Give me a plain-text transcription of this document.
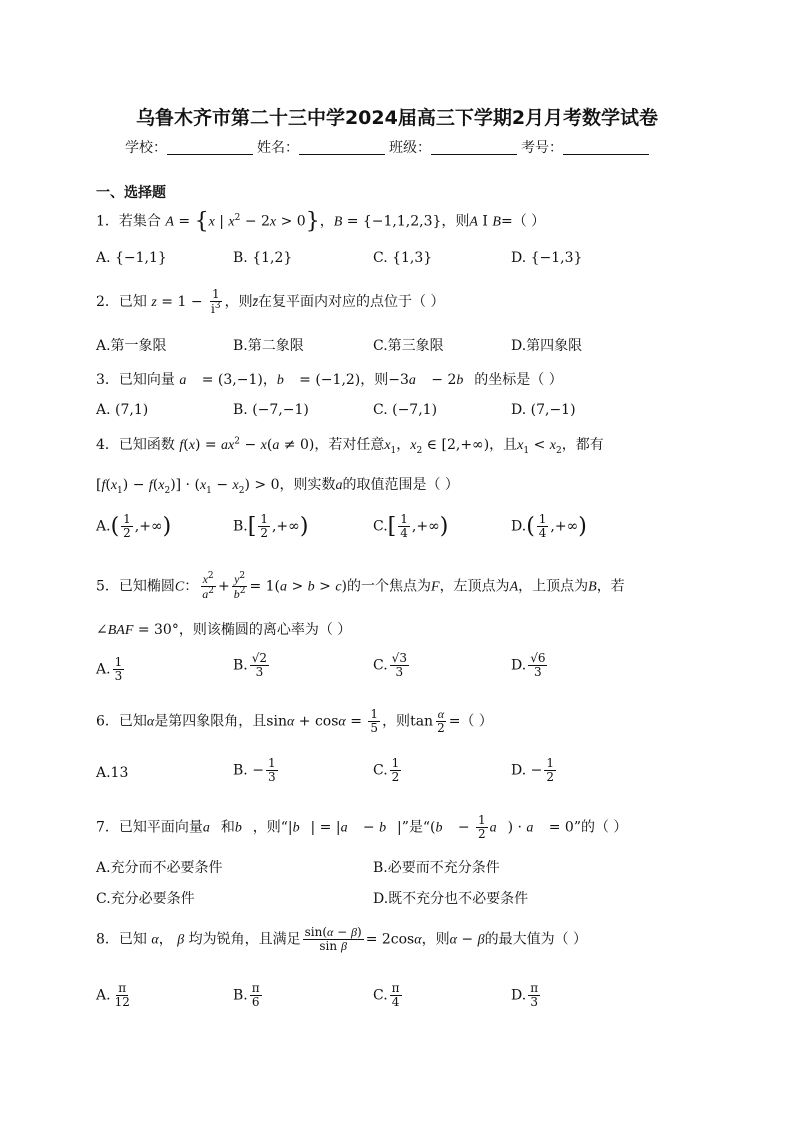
乌鲁木齐市第二十三中学2024届高三下学期2月月考数学试卷
学校：	姓名：	班级：	考号：
一、选择题
1．若集合 A = {x | $x^2 - 2x > 0$}，B = {−1,1,2,3}，则A I B=（ ）
A. {−1,1}	B. {1,2}	C. {1,3}	D. {−1,3}
2．已知 $z = 1 - \frac{1}{i^3}$ ，则z̄在复平面内对应的点位于（ ）
A.第一象限	B.第二象限	C.第三象限	D.第四象限
3．已知向量 a⃗ = (3,−1)，b⃗ = (−1,2)，则−3a⃗ − 2b⃗的坐标是（ ）
A. (7,1)	B. (−7,−1)	C. (−7,1)	D. (7,−1)
4．已知函数 $f(x) = ax^2 - x(a \ne 0)$，若对任意$x_1$，$x_2$ ∈ [2,+∞)，且$x_1 < x_2$，都有
$[f(x_1) - f(x_2)] \cdot (x_1 - x_2) > 0$，则实数a的取值范围是（ ）
$A.( \frac{1}{2}$ ,+∞)	$B.[ \frac{1}{2}$ ,+∞)	$C.[ \frac{1}{4}$ ,+∞)	$D.( \frac{1}{4}$ ,+∞)
5．已知椭圆C： $\frac{x^2}{a^2} + \frac{y^2}{b^2} = 1(a > b > c)$的一个焦点为F，左顶点为A，上顶点为B，若
∠BAF = 30°，则该椭圆的离心率为（ ）
A. $\frac{1}{3}$	B. $\frac{√2}{3}$	C. $\frac{√3}{3}$	D. $\frac{√6}{3}$
6．已知α是第四象限角，且$\sin\alpha + \cos\alpha = \frac{1}{5}$ ，则$\tan \frac{\alpha}{2}$ =（ ）
A.13	B. − $\frac{1}{3}$	C. $\frac{1}{2}$	D. − $\frac{1}{2}$
7．已知平面向量a⃗和b⃗，则“|b⃗| = |a⃗ − b⃗|”是“(b⃗ − $\frac{1}{2}$ a⃗) · a⃗ = 0”的（ ）
A.充分而不必要条件	B.必要而不充分条件
C.充分必要条件	D.既不充分也不必要条件
8．已知 α， β 均为锐角，且满足 $\frac{\sin(\alpha - \beta)}{\text{sin β}} = 2\cos\alpha$，则α − β的最大值为（ ）
A. $\frac{\pi}{12}$	B. $\frac{\pi}{6}$	C. $\frac{\pi}{4}$	D. $\frac{\pi}{3}$
